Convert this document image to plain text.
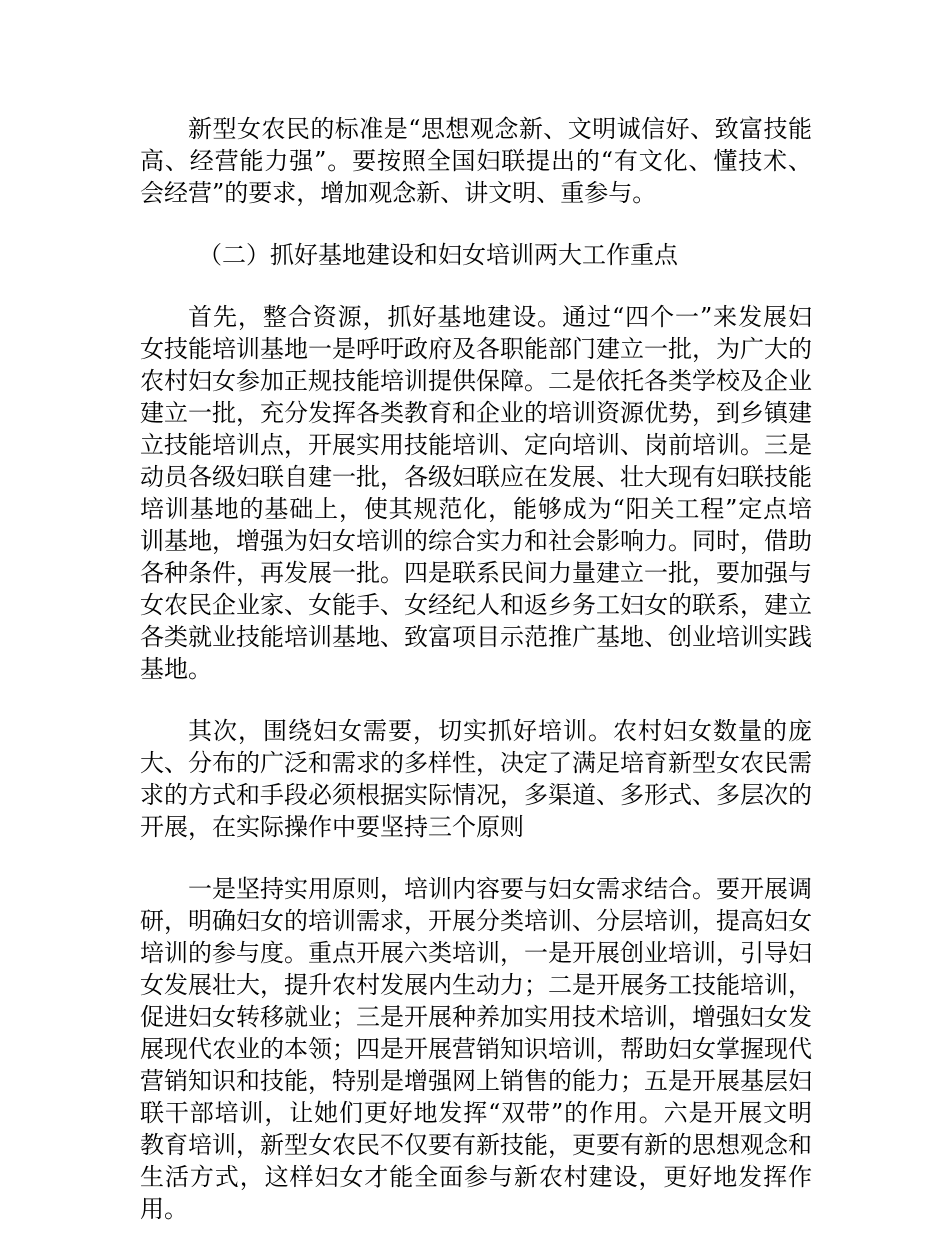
新型女农民的标准是“思想观念新、文明诚信好、致富技能高、经营能力强”。要按照全国妇联提出的“有文化、懂技术、会经营”的要求，增加观念新、讲文明、重参与。

（二）抓好基地建设和妇女培训两大工作重点

首先，整合资源，抓好基地建设。通过“四个一”来发展妇女技能培训基地一是呼吁政府及各职能部门建立一批，为广大的农村妇女参加正规技能培训提供保障。二是依托各类学校及企业建立一批，充分发挥各类教育和企业的培训资源优势，到乡镇建立技能培训点，开展实用技能培训、定向培训、岗前培训。三是动员各级妇联自建一批，各级妇联应在发展、壮大现有妇联技能培训基地的基础上，使其规范化，能够成为“阳关工程”定点培训基地，增强为妇女培训的综合实力和社会影响力。同时，借助各种条件，再发展一批。四是联系民间力量建立一批，要加强与女农民企业家、女能手、女经纪人和返乡务工妇女的联系，建立各类就业技能培训基地、致富项目示范推广基地、创业培训实践基地。

其次，围绕妇女需要，切实抓好培训。农村妇女数量的庞大、分布的广泛和需求的多样性，决定了满足培育新型女农民需求的方式和手段必须根据实际情况，多渠道、多形式、多层次的开展，在实际操作中要坚持三个原则

一是坚持实用原则，培训内容要与妇女需求结合。要开展调研，明确妇女的培训需求，开展分类培训、分层培训，提高妇女培训的参与度。重点开展六类培训，一是开展创业培训，引导妇女发展壮大，提升农村发展内生动力；二是开展务工技能培训，促进妇女转移就业；三是开展种养加实用技术培训，增强妇女发展现代农业的本领；四是开展营销知识培训，帮助妇女掌握现代营销知识和技能，特别是增强网上销售的能力；五是开展基层妇联干部培训，让她们更好地发挥“双带”的作用。六是开展文明教育培训，新型女农民不仅要有新技能，更要有新的思想观念和生活方式，这样妇女才能全面参与新农村建设，更好地发挥作用。
